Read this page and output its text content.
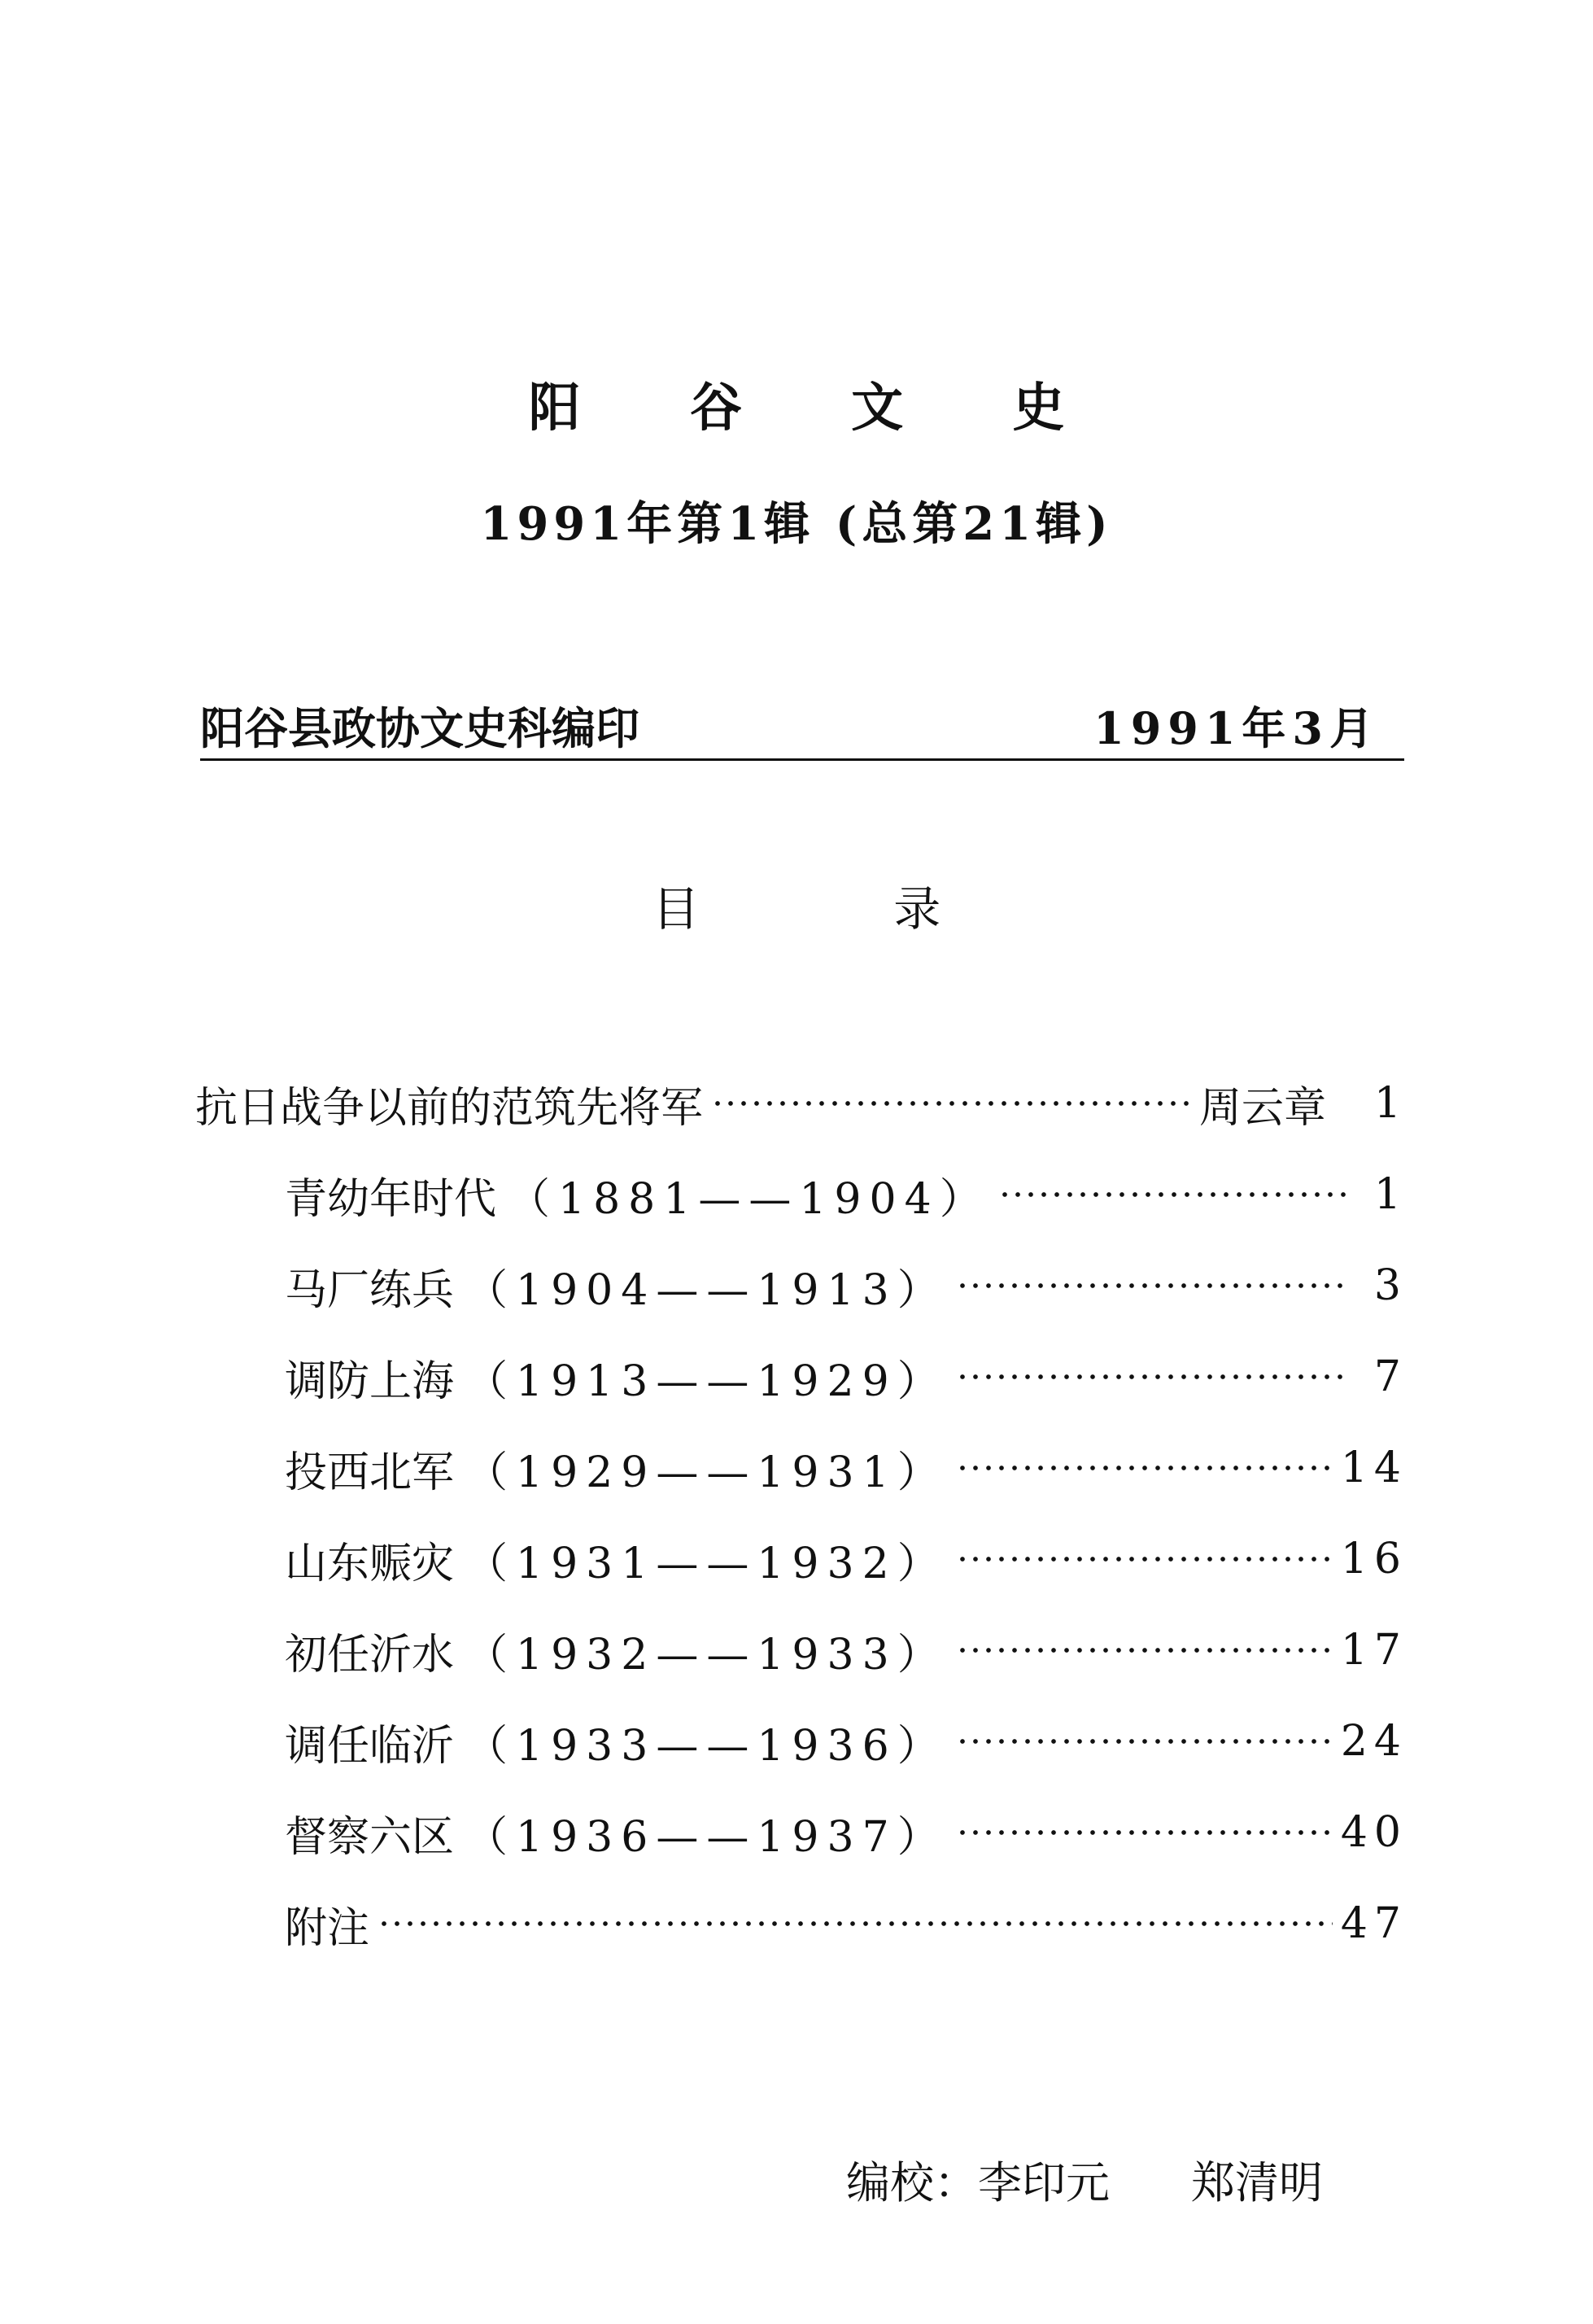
阳 谷 文 史
1991年第1辑 (总第21辑)
阳谷县政协文史科编印	1991年3月
目 录
抗日战争以前的范筑先将军	周云章	1
青幼年时代 （1881——1904）	1
马厂练兵 （1904——1913）	3
调防上海 （1913——1929）	7
投西北军 （1929——1931）	14
山东赈灾 （1931——1932）	16
初任沂水 （1932——1933）	17
调任临沂 （1933——1936）	24
督察六区 （1936——1937）	40
附注	47
编校：李印元 郑清明
